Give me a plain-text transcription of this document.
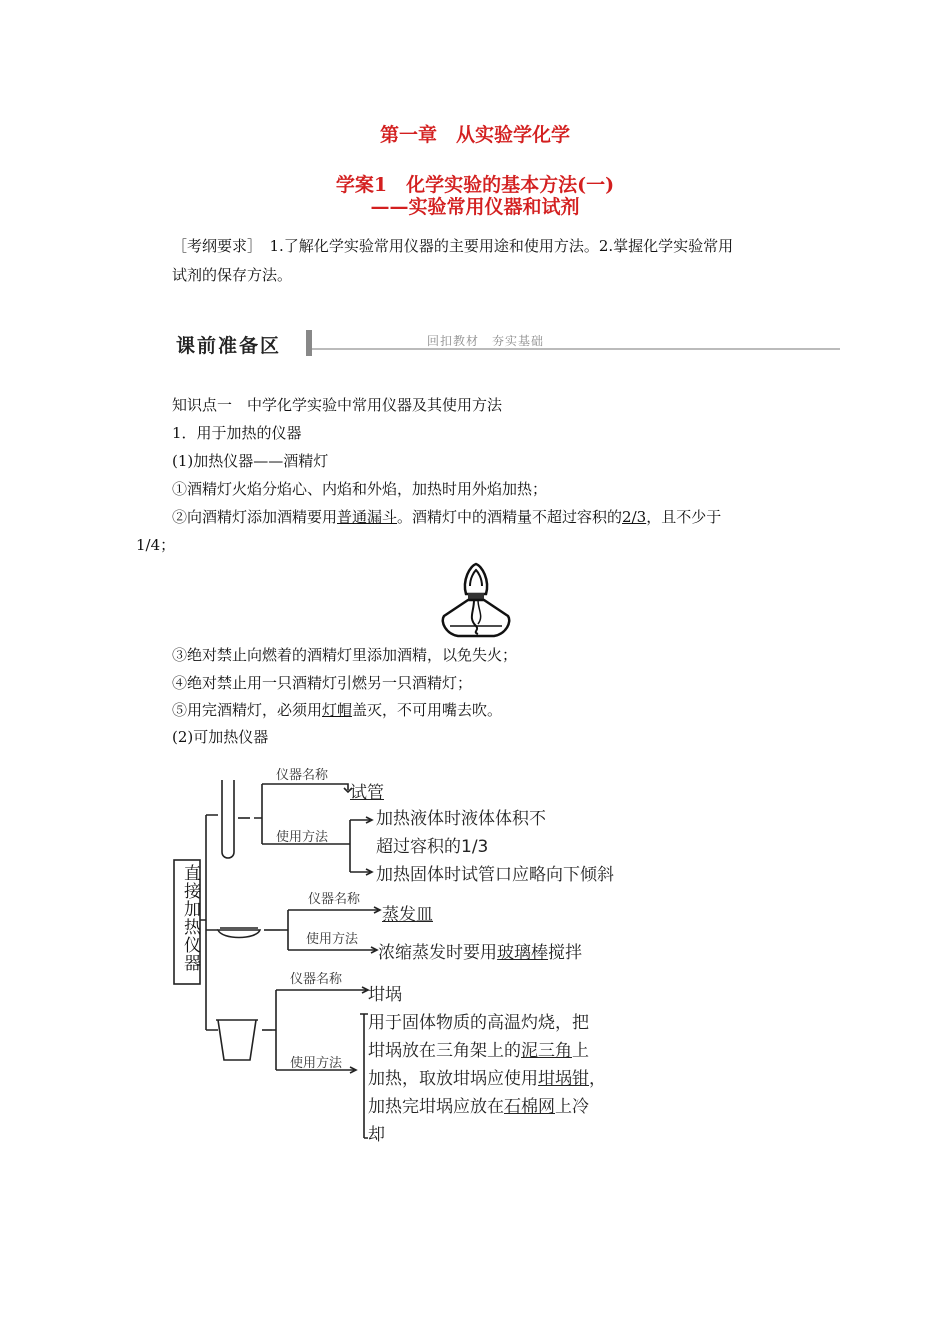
第一章　从实验学化学
学案1　化学实验的基本方法(一)
——实验常用仪器和试剂
［考纲要求］　1.了解化学实验常用仪器的主要用途和使用方法。2.掌握化学实验常用
试剂的保存方法。
课前准备区	回扣教材　夯实基础
知识点一　中学化学实验中常用仪器及其使用方法
1．用于加热的仪器
(1)加热仪器——酒精灯
①酒精灯火焰分焰心、内焰和外焰，加热时用外焰加热；
②向酒精灯添加酒精要用普通漏斗。酒精灯中的酒精量不超过容积的2/3，且不少于
1/4；
③绝对禁止向燃着的酒精灯里添加酒精，以免失火；
④绝对禁止用一只酒精灯引燃另一只酒精灯；
⑤用完酒精灯，必须用灯帽盖灭，不可用嘴去吹。
(2)可加热仪器
直接加热仪器
仪器名称
试管
使用方法
加热液体时液体体积不
超过容积的1/3
加热固体时试管口应略向下倾斜
仪器名称
蒸发皿
使用方法
浓缩蒸发时要用玻璃棒搅拌
仪器名称
坩埚
使用方法
用于固体物质的高温灼烧，把
坩埚放在三角架上的泥三角上
加热，取放坩埚应使用坩埚钳，
加热完坩埚应放在石棉网上冷
却
